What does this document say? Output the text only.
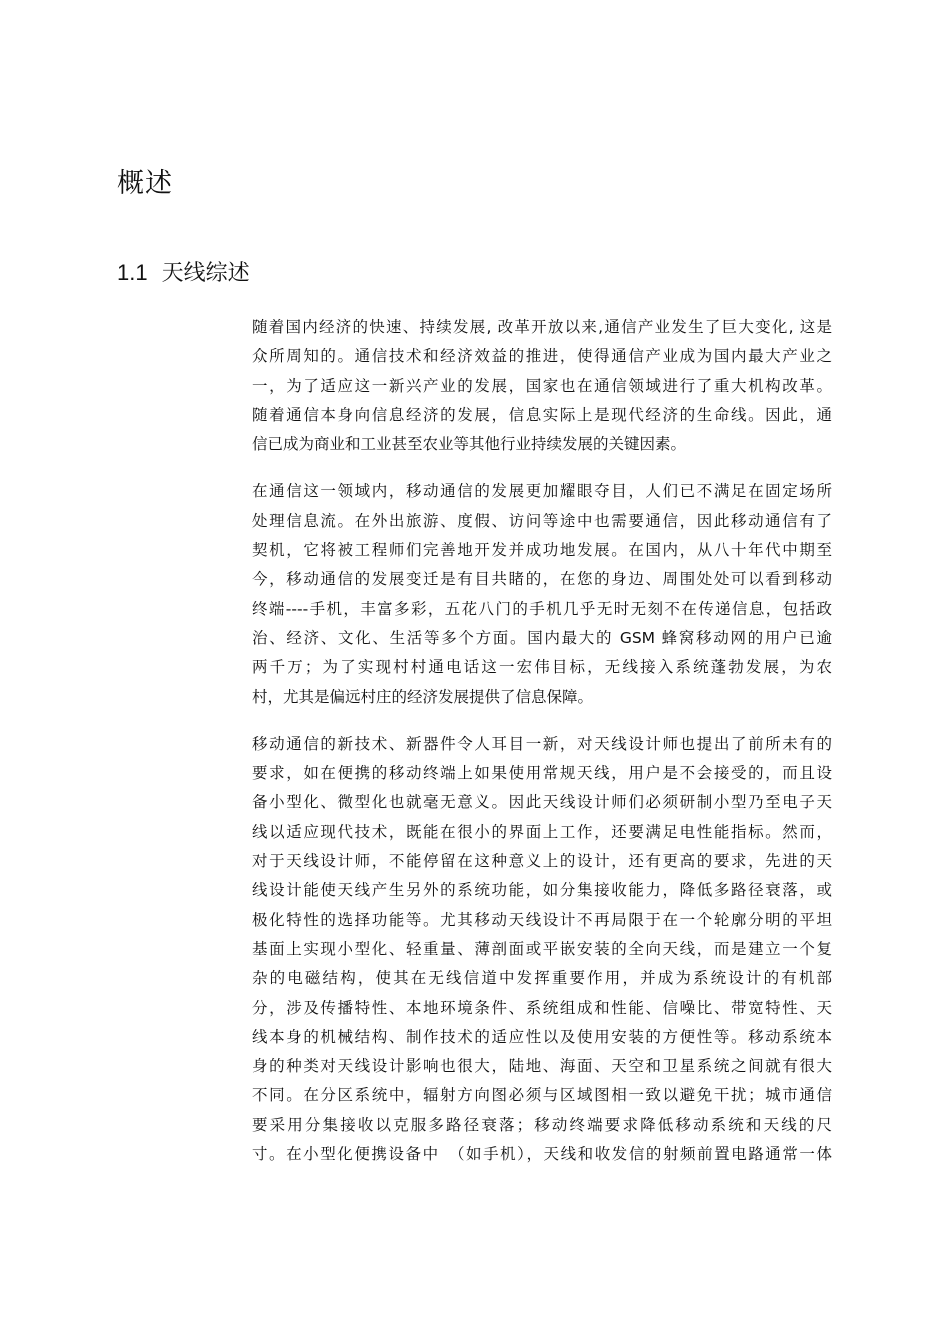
概述
1.1 天线综述
随着国内经济的快速、持续发展, 改革开放以来,通信产业发生了巨大变化, 这是
众所周知的。通信技术和经济效益的推进，使得通信产业成为国内最大产业之
一，为了适应这一新兴产业的发展，国家也在通信领域进行了重大机构改革。
随着通信本身向信息经济的发展，信息实际上是现代经济的生命线。因此，通
信已成为商业和工业甚至农业等其他行业持续发展的关键因素。
在通信这一领域内，移动通信的发展更加耀眼夺目，人们已不满足在固定场所
处理信息流。在外出旅游、度假、访问等途中也需要通信，因此移动通信有了
契机，它将被工程师们完善地开发并成功地发展。在国内，从八十年代中期至
今，移动通信的发展变迁是有目共睹的，在您的身边、周围处处可以看到移动
终端----手机，丰富多彩，五花八门的手机几乎无时无刻不在传递信息，包括政
治、经济、文化、生活等多个方面。国内最大的 GSM 蜂窝移动网的用户已逾
两千万；为了实现村村通电话这一宏伟目标，无线接入系统蓬勃发展，为农
村，尤其是偏远村庄的经济发展提供了信息保障。
移动通信的新技术、新器件令人耳目一新，对天线设计师也提出了前所未有的
要求，如在便携的移动终端上如果使用常规天线，用户是不会接受的，而且设
备小型化、微型化也就毫无意义。因此天线设计师们必须研制小型乃至电子天
线以适应现代技术，既能在很小的界面上工作，还要满足电性能指标。然而，
对于天线设计师，不能停留在这种意义上的设计，还有更高的要求，先进的天
线设计能使天线产生另外的系统功能，如分集接收能力，降低多路径衰落，或
极化特性的选择功能等。尤其移动天线设计不再局限于在一个轮廓分明的平坦
基面上实现小型化、轻重量、薄剖面或平嵌安装的全向天线，而是建立一个复
杂的电磁结构，使其在无线信道中发挥重要作用，并成为系统设计的有机部
分，涉及传播特性、本地环境条件、系统组成和性能、信噪比、带宽特性、天
线本身的机械结构、制作技术的适应性以及使用安装的方便性等。移动系统本
身的种类对天线设计影响也很大，陆地、海面、天空和卫星系统之间就有很大
不同。在分区系统中，辐射方向图必须与区域图相一致以避免干扰；城市通信
要采用分集接收以克服多路径衰落；移动终端要求降低移动系统和天线的尺
寸。在小型化便携设备中　（如手机），天线和收发信的射频前置电路通常一体
